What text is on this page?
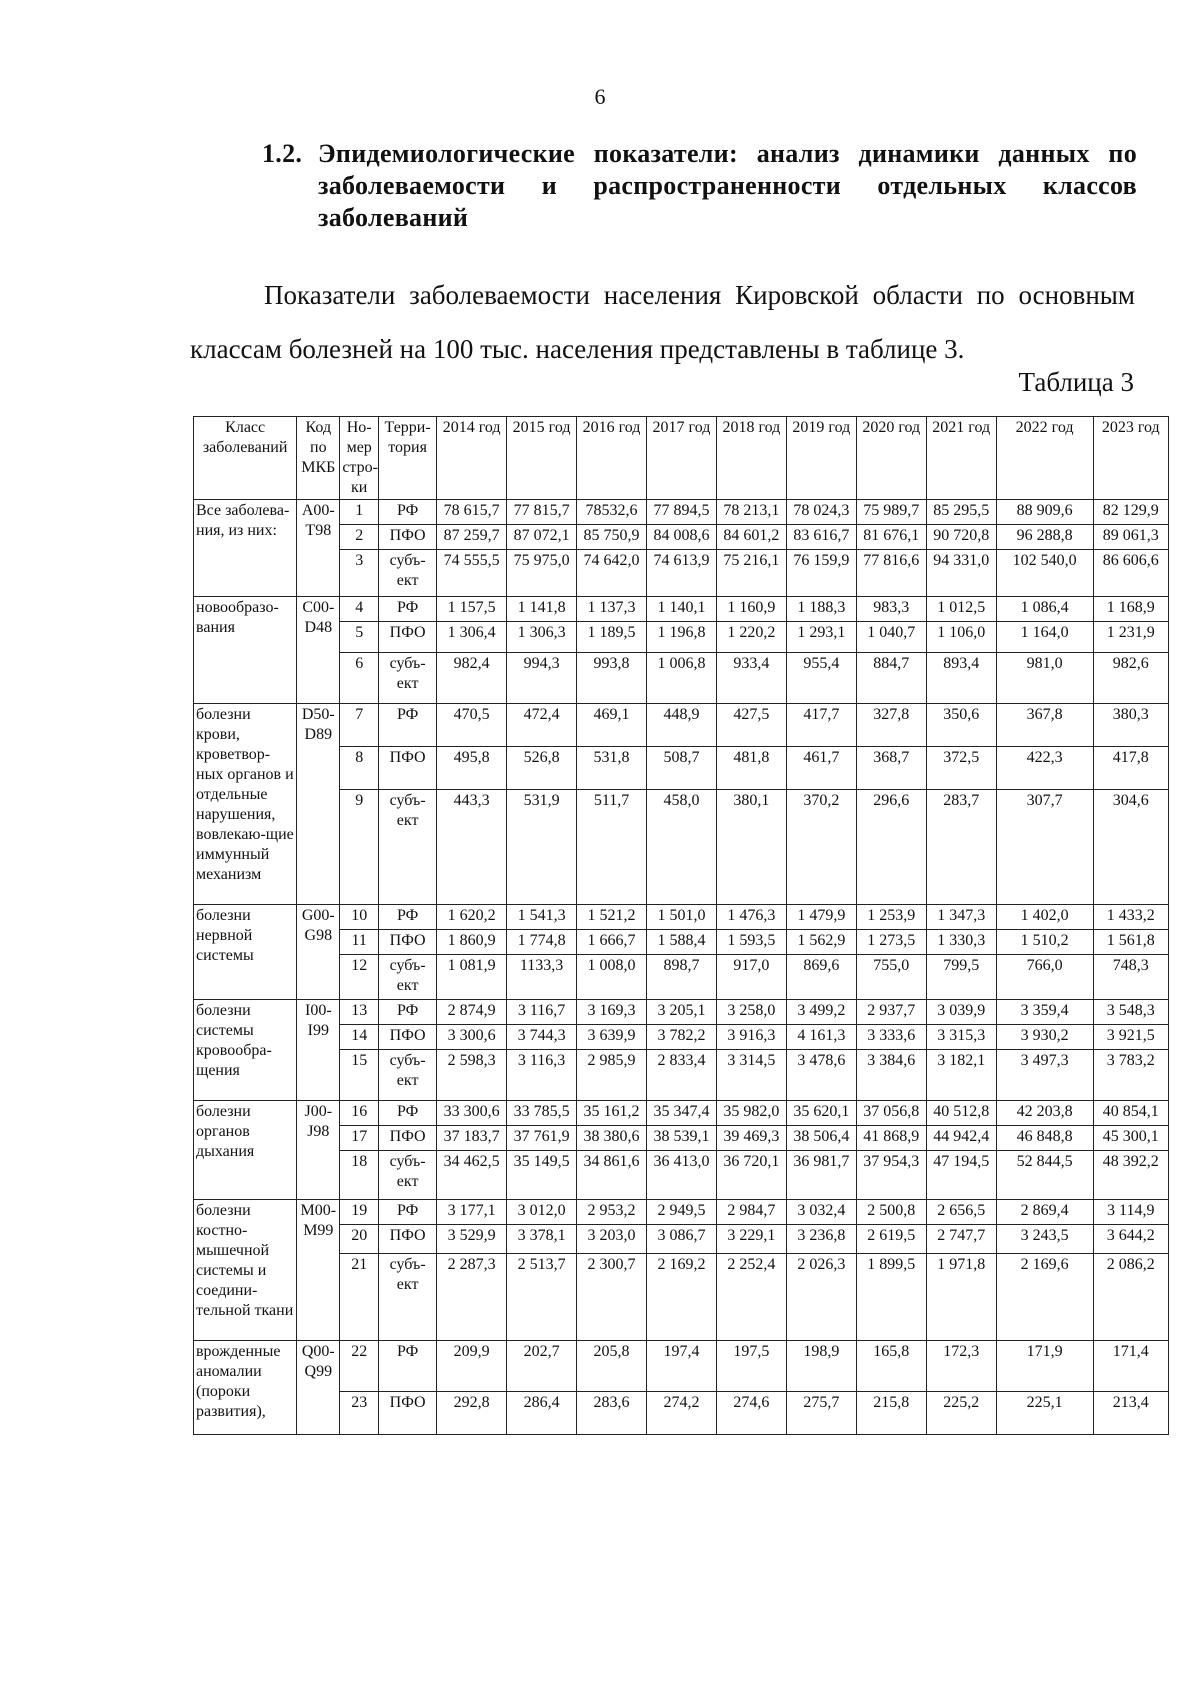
6
1.2. Эпидемиологические показатели: анализ динамики данных по заболеваемости и распространенности отдельных классов заболеваний

Показатели заболеваемости населения Кировской области по основным классам болезней на 100 тыс. населения представлены в таблице 3.

Таблица 3
Класс заболеваний	Код по МКБ	Но-мер стро-ки	Терри-тория	2014 год	2015 год	2016 год	2017 год	2018 год	2019 год	2020 год	2021 год	2022 год	2023 год
Все заболева-ния, из них:	А00-Т98	1	РФ	78 615,7	77 815,7	78532,6	77 894,5	78 213,1	78 024,3	75 989,7	85 295,5	88 909,6	82 129,9
		2	ПФО	87 259,7	87 072,1	85 750,9	84 008,6	84 601,2	83 616,7	81 676,1	90 720,8	96 288,8	89 061,3
		3	субъ-ект	74 555,5	75 975,0	74 642,0	74 613,9	75 216,1	76 159,9	77 816,6	94 331,0	102 540,0	86 606,6
новообразо-вания	С00-D48	4	РФ	1 157,5	1 141,8	1 137,3	1 140,1	1 160,9	1 188,3	983,3	1 012,5	1 086,4	1 168,9
		5	ПФО	1 306,4	1 306,3	1 189,5	1 196,8	1 220,2	1 293,1	1 040,7	1 106,0	1 164,0	1 231,9
		6	субъ-ект	982,4	994,3	993,8	1 006,8	933,4	955,4	884,7	893,4	981,0	982,6
болезни крови, кроветвор-ных органов и отдельные нарушения, вовлекаю-щие иммунный механизм	D50-D89	7	РФ	470,5	472,4	469,1	448,9	427,5	417,7	327,8	350,6	367,8	380,3
		8	ПФО	495,8	526,8	531,8	508,7	481,8	461,7	368,7	372,5	422,3	417,8
		9	субъ-ект	443,3	531,9	511,7	458,0	380,1	370,2	296,6	283,7	307,7	304,6
болезни нервной системы	G00-G98	10	РФ	1 620,2	1 541,3	1 521,2	1 501,0	1 476,3	1 479,9	1 253,9	1 347,3	1 402,0	1 433,2
		11	ПФО	1 860,9	1 774,8	1 666,7	1 588,4	1 593,5	1 562,9	1 273,5	1 330,3	1 510,2	1 561,8
		12	субъ-ект	1 081,9	1133,3	1 008,0	898,7	917,0	869,6	755,0	799,5	766,0	748,3
болезни системы кровообра-щения	I00-I99	13	РФ	2 874,9	3 116,7	3 169,3	3 205,1	3 258,0	3 499,2	2 937,7	3 039,9	3 359,4	3 548,3
		14	ПФО	3 300,6	3 744,3	3 639,9	3 782,2	3 916,3	4 161,3	3 333,6	3 315,3	3 930,2	3 921,5
		15	субъ-ект	2 598,3	3 116,3	2 985,9	2 833,4	3 314,5	3 478,6	3 384,6	3 182,1	3 497,3	3 783,2
болезни органов дыхания	J00-J98	16	РФ	33 300,6	33 785,5	35 161,2	35 347,4	35 982,0	35 620,1	37 056,8	40 512,8	42 203,8	40 854,1
		17	ПФО	37 183,7	37 761,9	38 380,6	38 539,1	39 469,3	38 506,4	41 868,9	44 942,4	46 848,8	45 300,1
		18	субъ-ект	34 462,5	35 149,5	34 861,6	36 413,0	36 720,1	36 981,7	37 954,3	47 194,5	52 844,5	48 392,2
болезни костно-мышечной системы и соедини-тельной ткани	М00-М99	19	РФ	3 177,1	3 012,0	2 953,2	2 949,5	2 984,7	3 032,4	2 500,8	2 656,5	2 869,4	3 114,9
		20	ПФО	3 529,9	3 378,1	3 203,0	3 086,7	3 229,1	3 236,8	2 619,5	2 747,7	3 243,5	3 644,2
		21	субъ-ект	2 287,3	2 513,7	2 300,7	2 169,2	2 252,4	2 026,3	1 899,5	1 971,8	2 169,6	2 086,2
врожденные аномалии (пороки развития),	Q00-Q99	22	РФ	209,9	202,7	205,8	197,4	197,5	198,9	165,8	172,3	171,9	171,4
		23	ПФО	292,8	286,4	283,6	274,2	274,6	275,7	215,8	225,2	225,1	213,4
